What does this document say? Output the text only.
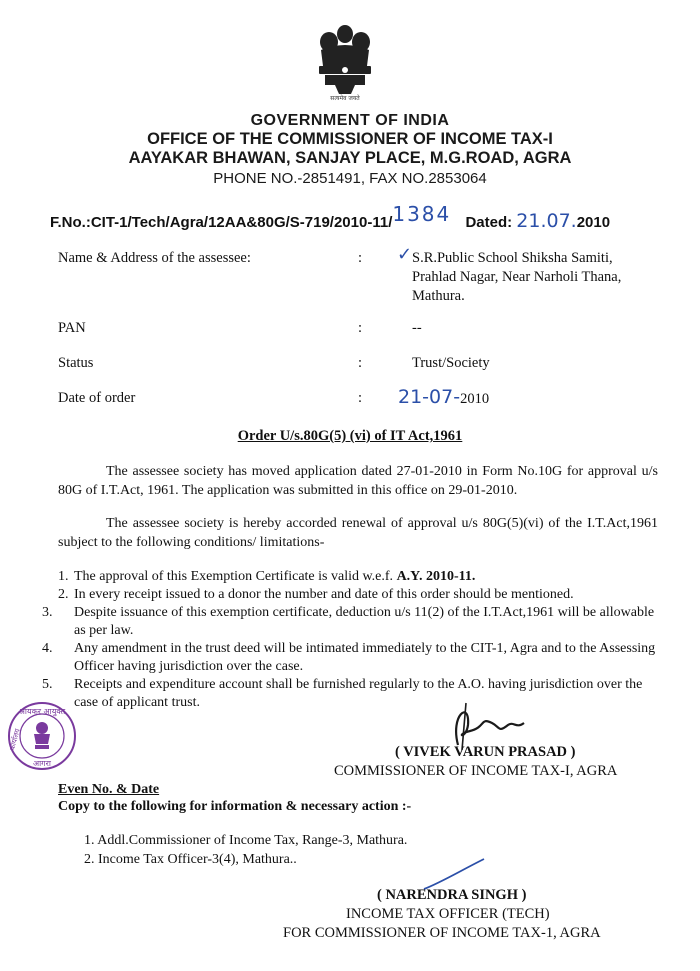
सत्यमेव जयते
GOVERNMENT OF INDIA
OFFICE OF THE COMMISSIONER OF INCOME TAX-I
AAYAKAR BHAWAN, SANJAY PLACE, M.G.ROAD, AGRA
PHONE NO.-2851491, FAX NO.2853064
F.No.:CIT-1/Tech/Agra/12AA&80G/S-719/2010-11/1384 Dated: 21.07.2010
Name & Address of the assessee:	: ✓ S.R.Public School Shiksha Samiti,
Prahlad Nagar, Near Narholi Thana,
Mathura.
PAN	:	--
Status	:	Trust/Society
Date of order	: 21-07-2010
Order U/s.80G(5) (vi) of IT Act,1961
The assessee society has moved application dated 27-01-2010 in Form No.10G for approval u/s 80G of I.T.Act, 1961. The application was submitted in this office on 29-01-2010.
The assessee society is hereby accorded renewal of approval u/s 80G(5)(vi) of the I.T.Act,1961 subject to the following conditions/ limitations-
1. The approval of this Exemption Certificate is valid w.e.f. A.Y. 2010-11.
2. In every receipt issued to a donor the number and date of this order should be mentioned.
3. Despite issuance of this exemption certificate, deduction u/s 11(2) of the I.T.Act,1961 will be allowable as per law.
4. Any amendment in the trust deed will be intimated immediately to the CIT-1, Agra and to the Assessing Officer having jurisdiction over the case.
5. Receipts and expenditure account shall be furnished regularly to the A.O. having jurisdiction over the case of applicant trust.
आयकर आयुक्त
कार्यालय
आगरा
( VIVEK VARUN PRASAD )
COMMISSIONER OF INCOME TAX-I, AGRA
Even No. & Date
Copy to the following for information & necessary action :-
1. Addl.Commissioner of Income Tax, Range-3, Mathura.
2. Income Tax Officer-3(4), Mathura..
( NARENDRA SINGH )
INCOME TAX OFFICER (TECH)
FOR COMMISSIONER OF INCOME TAX-1, AGRA
